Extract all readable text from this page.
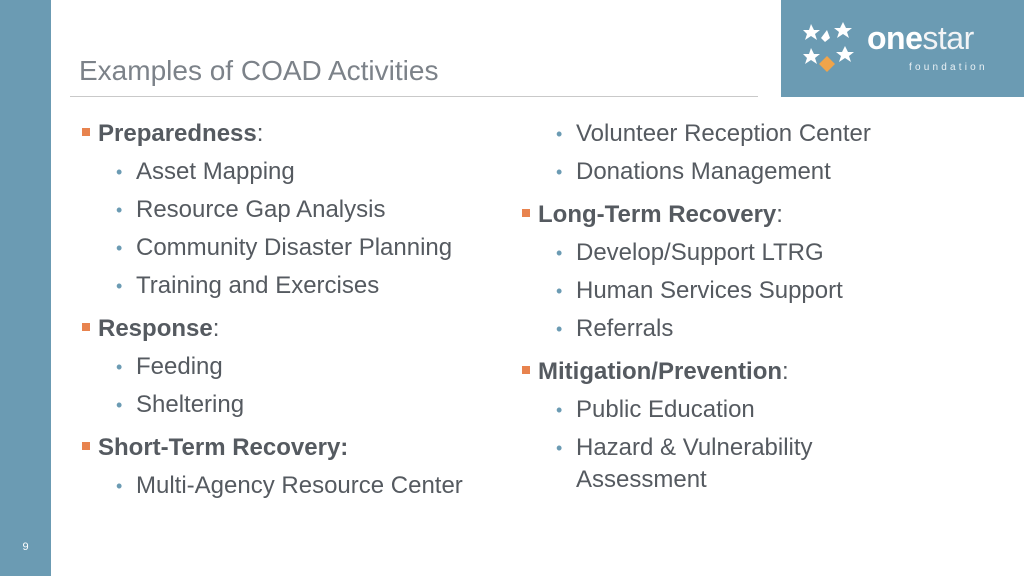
9
onestar
foundation
Examples of COAD Activities
Preparedness:
• Asset Mapping
• Resource Gap Analysis
• Community Disaster Planning
• Training and Exercises
Response:
• Feeding
• Sheltering
Short-Term Recovery:
• Multi-Agency Resource Center
• Volunteer Reception Center
• Donations Management
Long-Term Recovery:
• Develop/Support LTRG
• Human Services Support
• Referrals
Mitigation/Prevention:
• Public Education
• Hazard & Vulnerability Assessment
